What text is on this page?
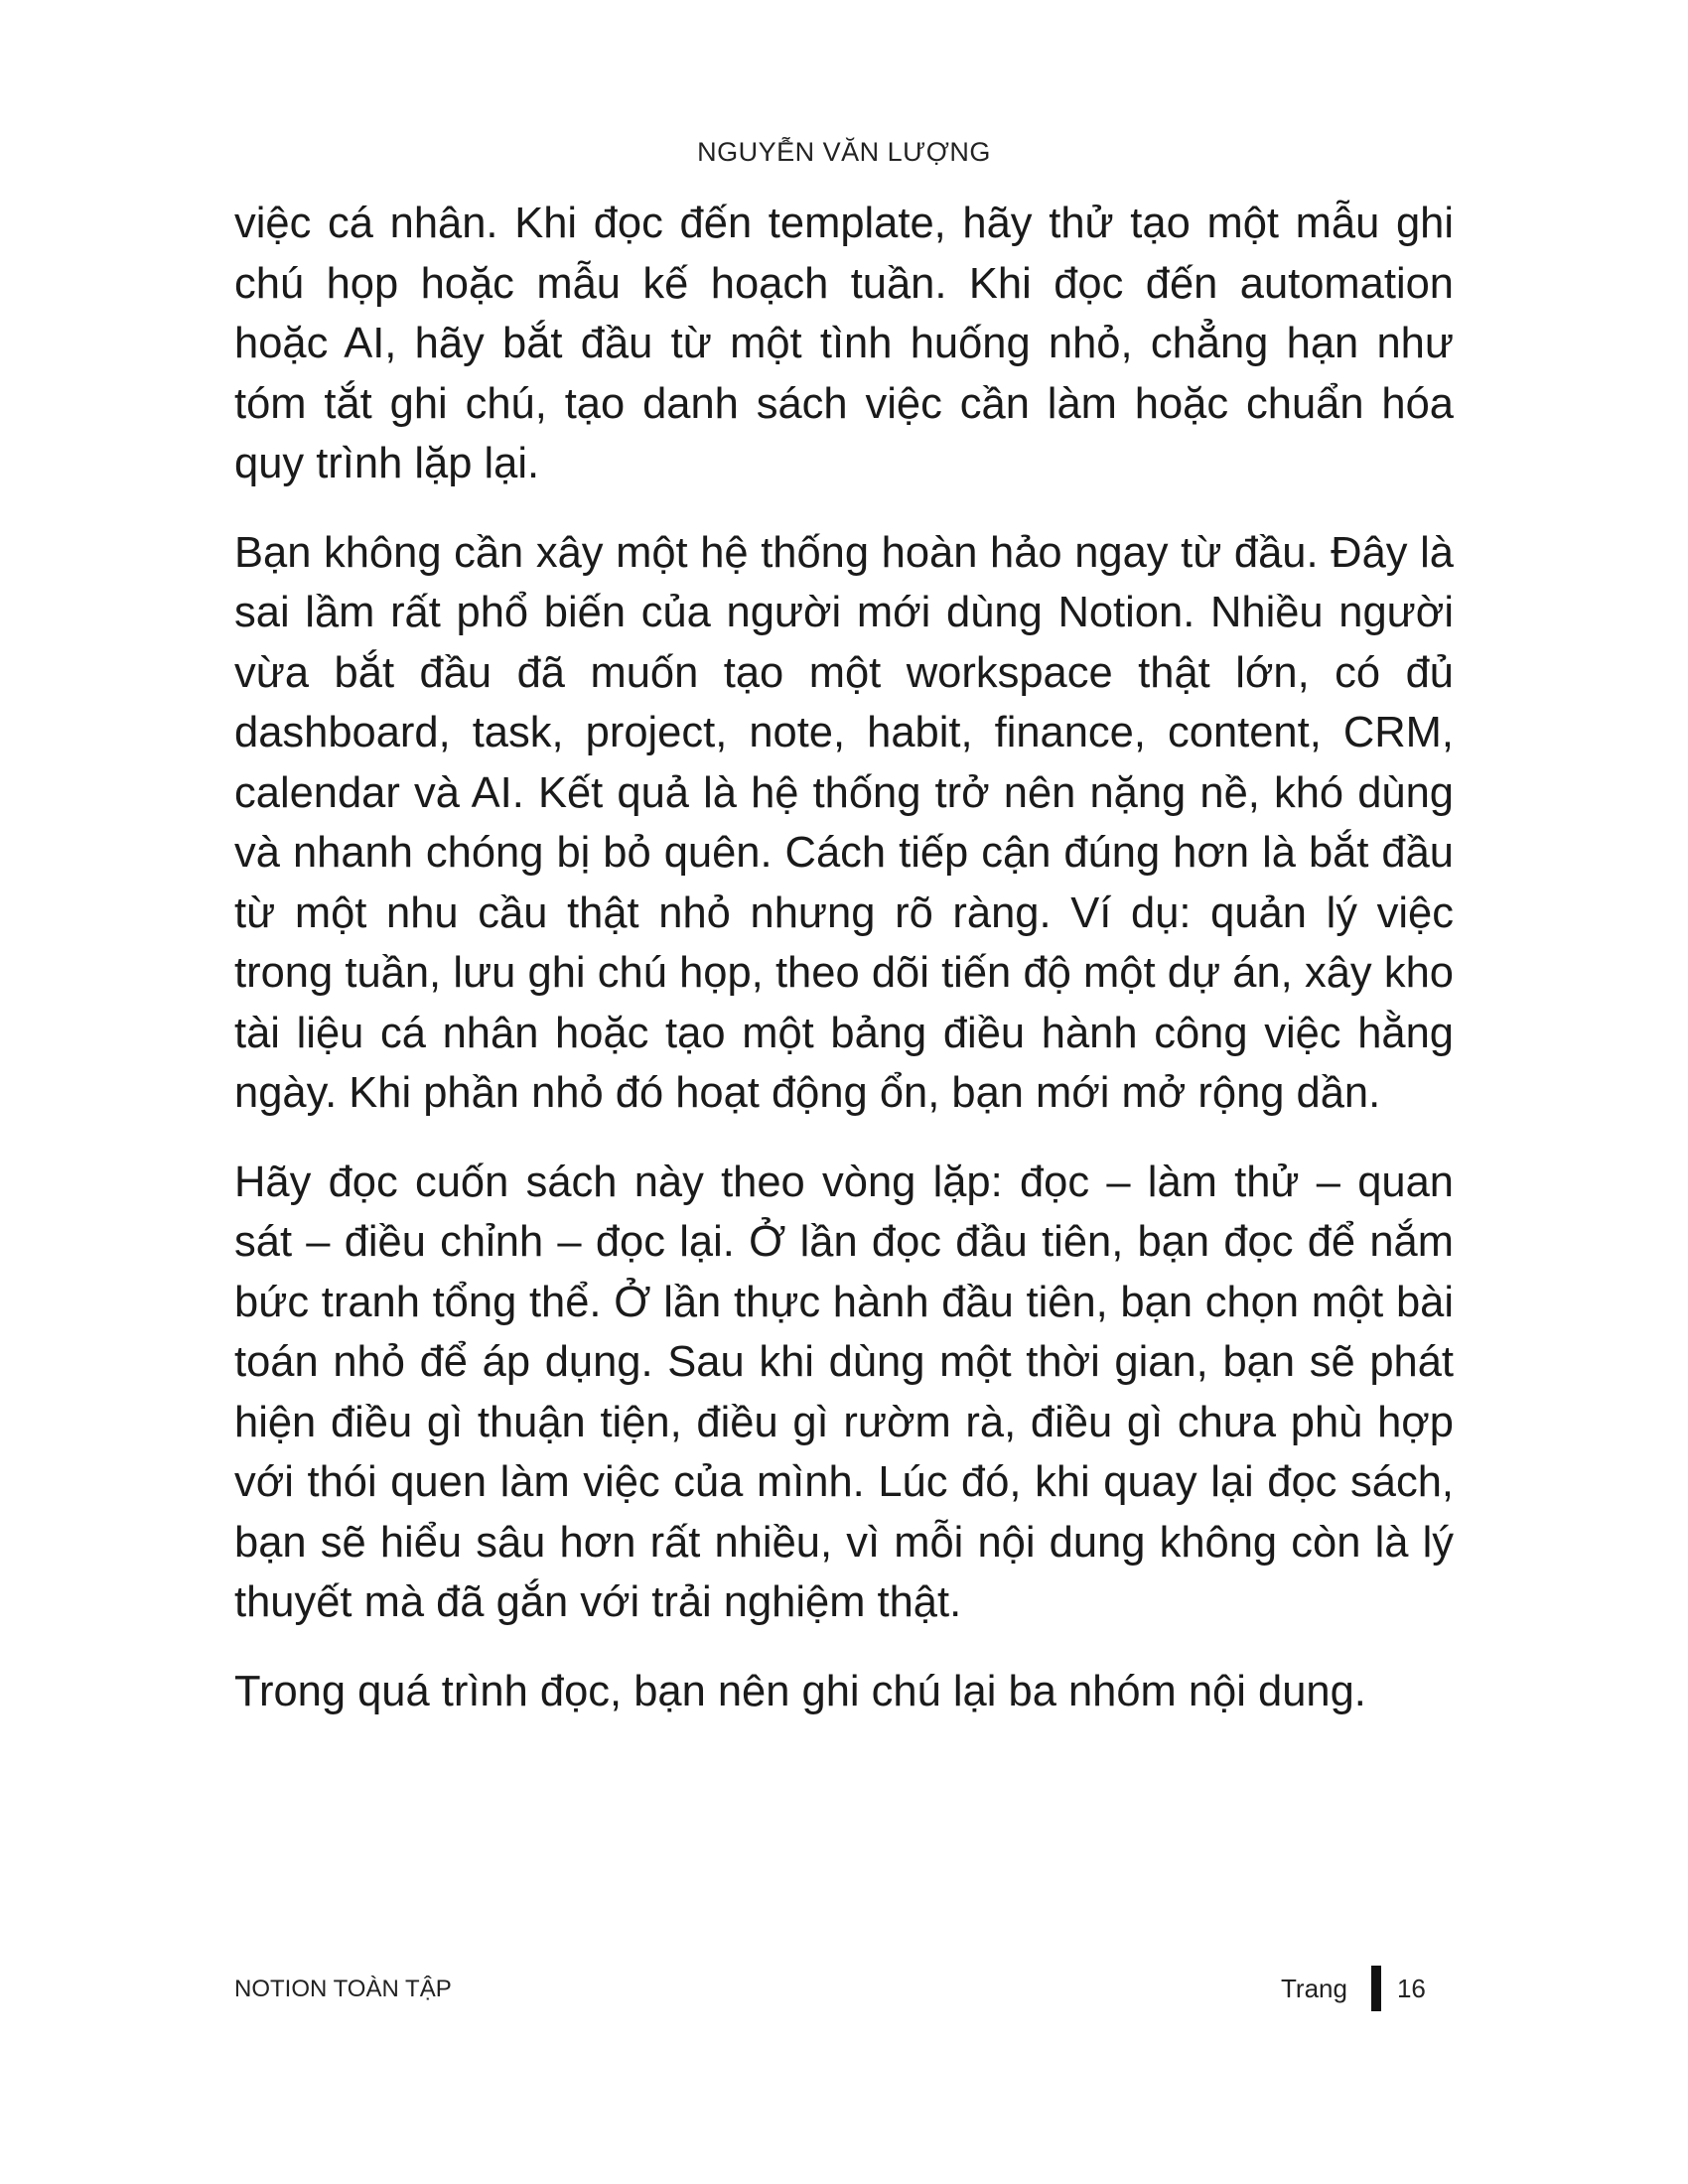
NGUYỄN VĂN LƯỢNG

việc cá nhân. Khi đọc đến template, hãy thử tạo một mẫu ghi chú họp hoặc mẫu kế hoạch tuần. Khi đọc đến automation hoặc AI, hãy bắt đầu từ một tình huống nhỏ, chẳng hạn như tóm tắt ghi chú, tạo danh sách việc cần làm hoặc chuẩn hóa quy trình lặp lại.

Bạn không cần xây một hệ thống hoàn hảo ngay từ đầu. Đây là sai lầm rất phổ biến của người mới dùng Notion. Nhiều người vừa bắt đầu đã muốn tạo một workspace thật lớn, có đủ dashboard, task, project, note, habit, finance, content, CRM, calendar và AI. Kết quả là hệ thống trở nên nặng nề, khó dùng và nhanh chóng bị bỏ quên. Cách tiếp cận đúng hơn là bắt đầu từ một nhu cầu thật nhỏ nhưng rõ ràng. Ví dụ: quản lý việc trong tuần, lưu ghi chú họp, theo dõi tiến độ một dự án, xây kho tài liệu cá nhân hoặc tạo một bảng điều hành công việc hằng ngày. Khi phần nhỏ đó hoạt động ổn, bạn mới mở rộng dần.

Hãy đọc cuốn sách này theo vòng lặp: đọc – làm thử – quan sát – điều chỉnh – đọc lại. Ở lần đọc đầu tiên, bạn đọc để nắm bức tranh tổng thể. Ở lần thực hành đầu tiên, bạn chọn một bài toán nhỏ để áp dụng. Sau khi dùng một thời gian, bạn sẽ phát hiện điều gì thuận tiện, điều gì rườm rà, điều gì chưa phù hợp với thói quen làm việc của mình. Lúc đó, khi quay lại đọc sách, bạn sẽ hiểu sâu hơn rất nhiều, vì mỗi nội dung không còn là lý thuyết mà đã gắn với trải nghiệm thật.

Trong quá trình đọc, bạn nên ghi chú lại ba nhóm nội dung.

NOTION TOÀN TẬP	Trang 16
